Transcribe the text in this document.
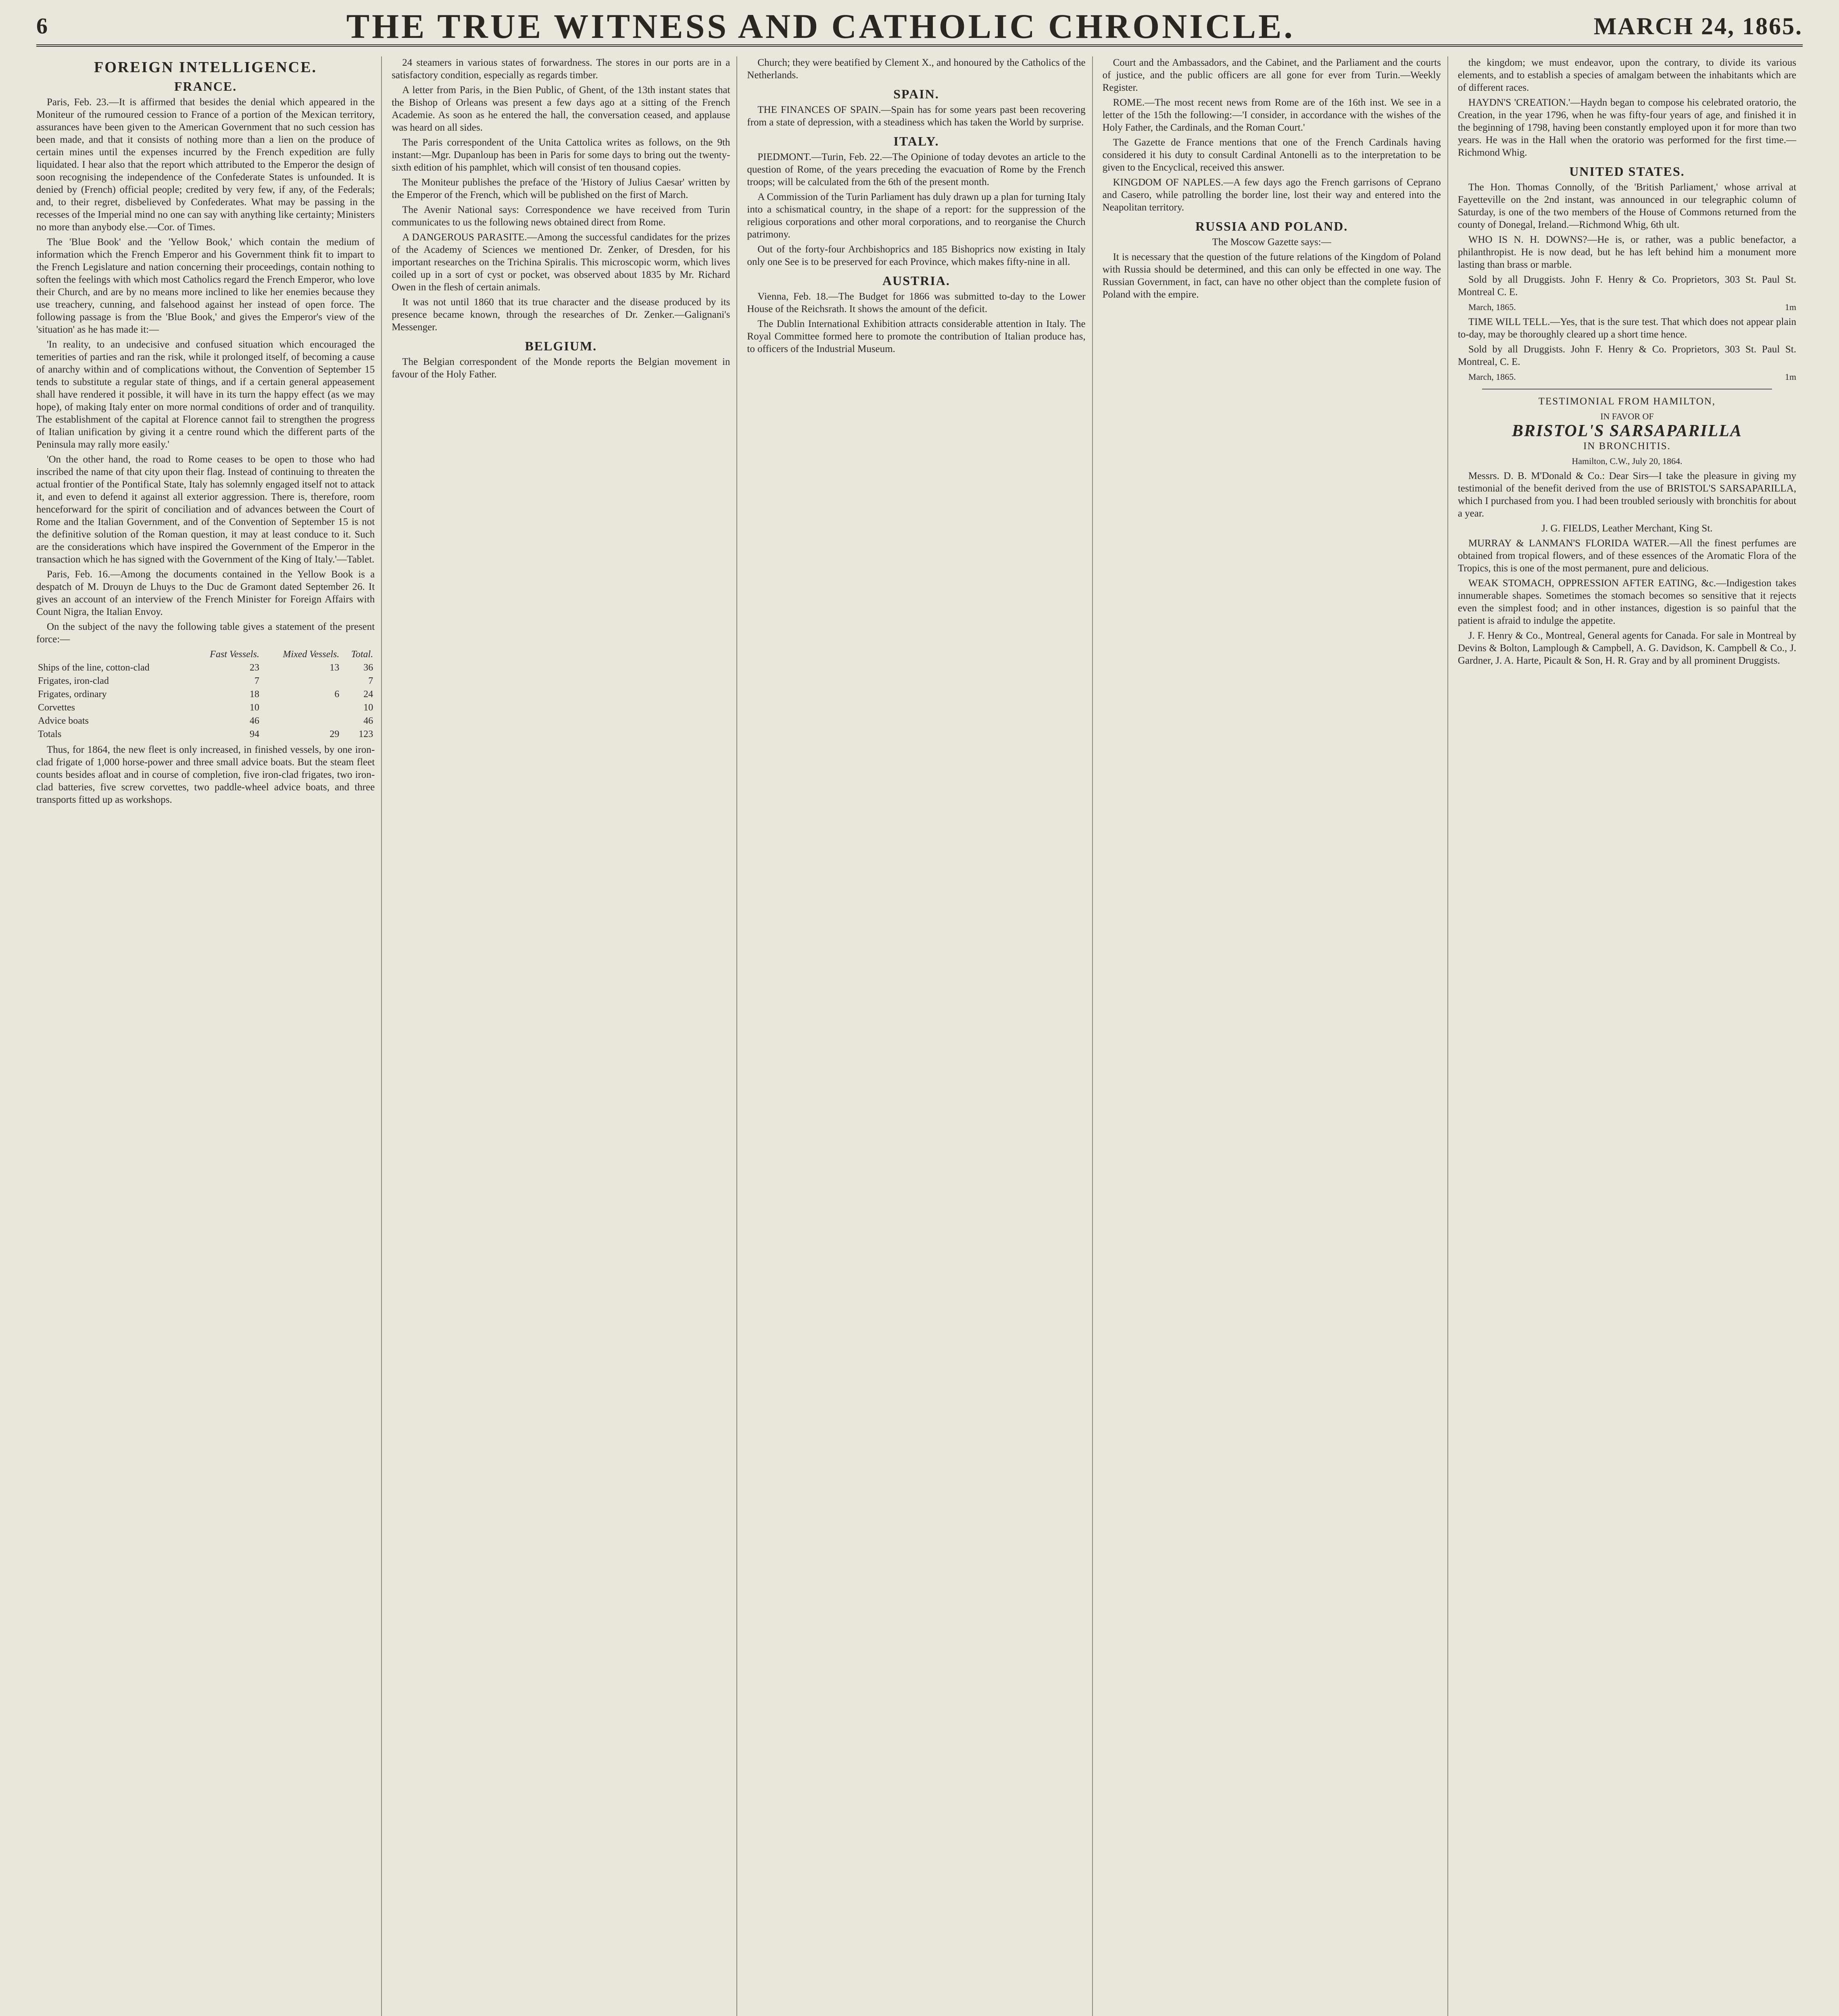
6	THE TRUE WITNESS AND CATHOLIC CHRONICLE.	MARCH 24, 1865.
FOREIGN INTELLIGENCE.
FRANCE.

Paris, Feb. 23.—It is affirmed that besides the denial which appeared in the Moniteur of the rumoured cession to France of a portion of the Mexican territory, assurances have been given to the American Government that no such cession has been made, and that it consists of nothing more than a lien on the produce of certain mines until the expenses incurred by the French expedition are fully liquidated. I hear also that the report which attributed to the Emperor the design of soon recognising the independence of the Confederate States is unfounded. It is denied by (French) official people; credited by very few, if any, of the Federals; and, to their regret, disbelieved by Confederates. What may be passing in the recesses of the Imperial mind no one can say with anything like certainty; Ministers no more than anybody else.—Cor. of Times.

The 'Blue Book' and the 'Yellow Book,' which contain the medium of information which the French Emperor and his Government think fit to impart to the French Legislature and nation concerning their proceedings, contain nothing to soften the feelings with which most Catholics regard the French Emperor, who love their Church, and are by no means more inclined to like her enemies because they use treachery, cunning, and falsehood against her instead of open force. The following passage is from the 'Blue Book,' and gives the Emperor's view of the 'situation' as he has made it:—

'In reality, to an undecisive and confused situation which encouraged the temerities of parties and ran the risk, while it prolonged itself, of becoming a cause of anarchy within and of complications without, the Convention of September 15 tends to substitute a regular state of things, and if a certain general appeasement shall have rendered it possible, it will have in its turn the happy effect (as we may hope), of making Italy enter on more normal conditions of order and of tranquility. The establishment of the capital at Florence cannot fail to strengthen the progress of Italian unification by giving it a centre round which the different parts of the Peninsula may rally more easily.'

'On the other hand, the road to Rome ceases to be open to those who had inscribed the name of that city upon their flag. Instead of continuing to threaten the actual frontier of the Pontifical State, Italy has solemnly engaged itself not to attack it, and even to defend it against all exterior aggression. There is, therefore, room henceforward for the spirit of conciliation and of advances between the Court of Rome and the Italian Government, and of the Convention of September 15 is not the definitive solution of the Roman question, it may at least conduce to it. Such are the considerations which have inspired the Government of the Emperor in the transaction which he has signed with the Government of the King of Italy.'—Tablet.

Paris, Feb. 16.—Among the documents contained in the Yellow Book is a despatch of M. Drouyn de Lhuys to the Duc de Gramont dated September 26. It gives an account of an interview of the French Minister for Foreign Affairs with Count Nigra, the Italian Envoy.

On the subject of the navy the following table gives a statement of the present force:—

	Fast Vessels.	Mixed Vessels.	Total.
Ships of the line, cotton-clad	23	13	36
Frigates, iron-clad	7		7
Frigates, ordinary	18	6	24
Corvettes	10		10
Advice boats	46		46
Totals	94	29	123

Thus, for 1864, the new fleet is only increased, in finished vessels, by one iron-clad frigate of 1,000 horse-power and three small advice boats. But the steam fleet counts besides afloat and in course of completion, five iron-clad frigates, two iron-clad batteries, five screw corvettes, two paddle-wheel advice boats, and three transports fitted up as workshops.

24 steamers in various states of forwardness. The stores in our ports are in a satisfactory condition, especially as regards timber.

A letter from Paris, in the Bien Public, of Ghent, of the 13th instant states that the Bishop of Orleans was present a few days ago at a sitting of the French Academie. As soon as he entered the hall, the conversation ceased, and applause was heard on all sides.

The Paris correspondent of the Unita Cattolica writes as follows, on the 9th instant:—Mgr. Dupanloup has been in Paris for some days to bring out the twenty-sixth edition of his pamphlet, which will consist of ten thousand copies.

The Moniteur publishes the preface of the 'History of Julius Caesar' written by the Emperor of the French, which will be published on the first of March.

The Avenir National says: Correspondence we have received from Turin communicates to us the following news obtained direct from Rome.

A DANGEROUS PARASITE.—Among the successful candidates for the prizes of the Academy of Sciences we mentioned Dr. Zenker, of Dresden, for his important researches on the Trichina Spiralis. This microscopic worm, which lives coiled up in a sort of cyst or pocket, was observed about 1835 by Mr. Richard Owen in the flesh of certain animals.

It was not until 1860 that its true character and the disease produced by its presence became known, through the researches of Dr. Zenker.—Galignani's Messenger.

BELGIUM.

The Belgian correspondent of the Monde reports the Belgian movement in favour of the Holy Father.

Church; they were beatified by Clement X., and honoured by the Catholics of the Netherlands.

SPAIN.

THE FINANCES OF SPAIN.—Spain has for some years past been recovering from a state of depression, with a steadiness which has taken the World by surprise.

ITALY.

PIEDMONT.—Turin, Feb. 22.—The Opinione of today devotes an article to the question of Rome, of the years preceding the evacuation of Rome by the French troops; will be calculated from the 6th of the present month.

A Commission of the Turin Parliament has duly drawn up a plan for turning Italy into a schismatical country, in the shape of a report: for the suppression of the religious corporations and other moral corporations, and to reorganise the Church patrimony.

Out of the forty-four Archbishoprics and 185 Bishoprics now existing in Italy only one See is to be preserved for each Province, which makes fifty-nine in all.

AUSTRIA.

Vienna, Feb. 18.—The Budget for 1866 was submitted to-day to the Lower House of the Reichsrath. It shows the amount of the deficit.

The Dublin International Exhibition attracts considerable attention in Italy. The Royal Committee formed here to promote the contribution of Italian produce has, to officers of the Industrial Museum.

Court and the Ambassadors, and the Cabinet, and the Parliament and the courts of justice, and the public officers are all gone for ever from Turin.—Weekly Register.

ROME.—The most recent news from Rome are of the 16th inst. We see in a letter of the 15th the following:—'I consider, in accordance with the wishes of the Holy Father, the Cardinals, and the Roman Court.'

The Gazette de France mentions that one of the French Cardinals having considered it his duty to consult Cardinal Antonelli as to the interpretation to be given to the Encyclical, received this answer.

KINGDOM OF NAPLES.—A few days ago the French garrisons of Ceprano and Casero, while patrolling the border line, lost their way and entered into the Neapolitan territory.

RUSSIA AND POLAND.

The Moscow Gazette says:—

It is necessary that the question of the future relations of the Kingdom of Poland with Russia should be determined, and this can only be effected in one way. The Russian Government, in fact, can have no other object than the complete fusion of Poland with the empire.

the kingdom; we must endeavor, upon the contrary, to divide its various elements, and to establish a species of amalgam between the inhabitants which are of different races.

HAYDN'S 'CREATION.'—Haydn began to compose his celebrated oratorio, the Creation, in the year 1796, when he was fifty-four years of age, and finished it in the beginning of 1798, having been constantly employed upon it for more than two years. He was in the Hall when the oratorio was performed for the first time.—Richmond Whig.

UNITED STATES.

The Hon. Thomas Connolly, of the 'British Parliament,' whose arrival at Fayetteville on the 2nd instant, was announced in our telegraphic column of Saturday, is one of the two members of the House of Commons returned from the county of Donegal, Ireland.—Richmond Whig, 6th ult.

WHO IS N. H. DOWNS?—He is, or rather, was a public benefactor, a philanthropist. He is now dead, but he has left behind him a monument more lasting than brass or marble.

Sold by all Druggists. John F. Henry & Co. Proprietors, 303 St. Paul St. Montreal C. E.

March, 1865.	1m

TIME WILL TELL.—Yes, that is the sure test. That which does not appear plain to-day, may be thoroughly cleared up a short time hence.

Sold by all Druggists. John F. Henry & Co. Proprietors, 303 St. Paul St. Montreal, C. E.

March, 1865.	1m

TESTIMONIAL FROM HAMILTON,

IN FAVOR OF

BRISTOL'S SARSAPARILLA

IN BRONCHITIS.

Hamilton, C.W., July 20, 1864.

Messrs. D. B. M'Donald & Co.: Dear Sirs—I take the pleasure in giving my testimonial of the benefit derived from the use of BRISTOL'S SARSAPARILLA, which I purchased from you. I had been troubled seriously with bronchitis for about a year.

J. G. FIELDS, Leather Merchant, King St.

MURRAY & LANMAN'S FLORIDA WATER.—All the finest perfumes are obtained from tropical flowers, and of these essences of the Aromatic Flora of the Tropics, this is one of the most permanent, pure and delicious.

WEAK STOMACH, OPPRESSION AFTER EATING, &c.—Indigestion takes innumerable shapes. Sometimes the stomach becomes so sensitive that it rejects even the simplest food; and in other instances, digestion is so painful that the patient is afraid to indulge the appetite.

J. F. Henry & Co., Montreal, General agents for Canada. For sale in Montreal by Devins & Bolton, Lamplough & Campbell, A. G. Davidson, K. Campbell & Co., J. Gardner, J. A. Harte, Picault & Son, H. R. Gray and by all prominent Druggists.
